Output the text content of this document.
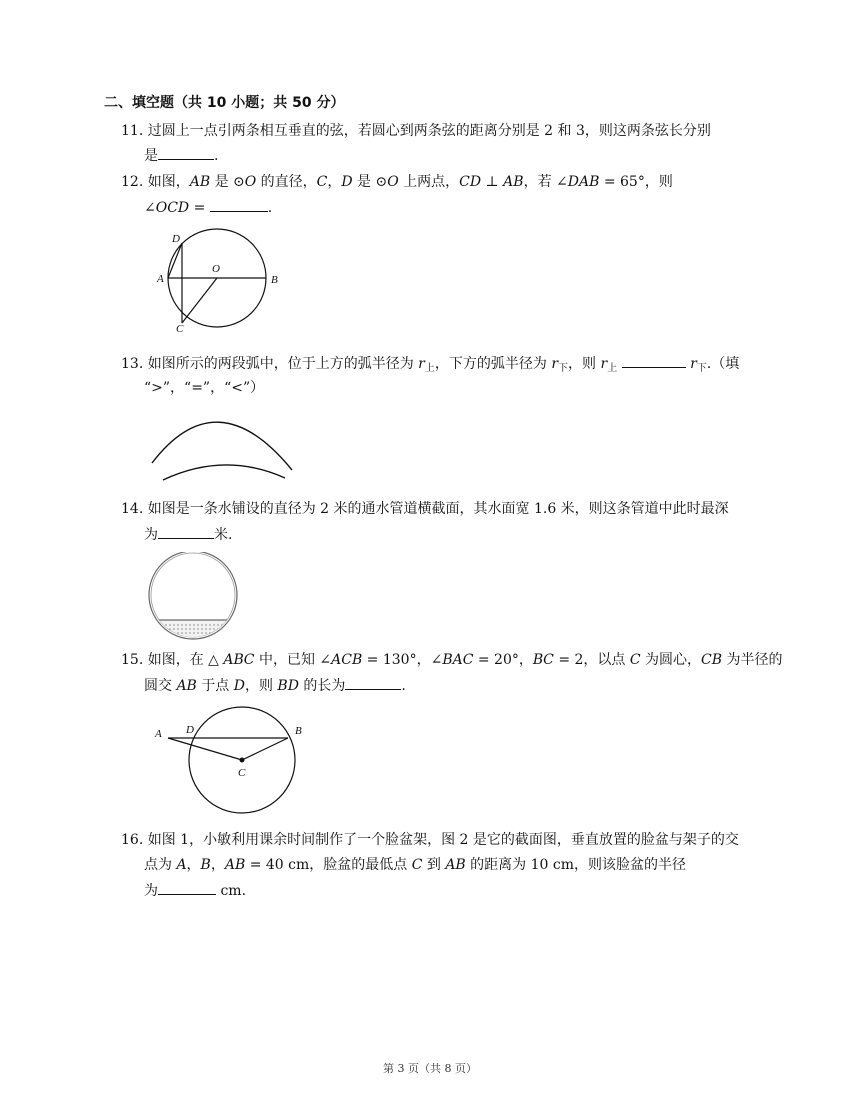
二、填空题（共 10 小题；共 50 分）
11. 过圆上一点引两条相互垂直的弦，若圆心到两条弦的距离分别是 2 和 3，则这两条弦长分别
是	.
12. 如图，𝐴𝐵 是 ⊙𝑂 的直径，𝐶，𝐷 是 ⊙𝑂 上两点，𝐶𝐷 ⊥ 𝐴𝐵，若 ∠𝐷𝐴𝐵 = 65°，则
∠𝑂𝐶𝐷 =	.
D
A
O
B
C
13. 如图所示的两段弧中，位于上方的弧半径为 𝑟$_上$，下方的弧半径为 𝑟$_下$，则 𝑟$_上$	𝑟$_下$.（填
“>”，“=”，“<”）
14. 如图是一条水铺设的直径为 2 米的通水管道横截面，其水面宽 1.6 米，则这条管道中此时最深
为	米.
15. 如图，在 △ 𝐴𝐵𝐶 中，已知 ∠𝐴𝐶𝐵 = 130°，∠𝐵𝐴𝐶 = 20°，𝐵𝐶 = 2，以点 𝐶 为圆心，𝐶𝐵 为半径的
圆交 𝐴𝐵 于点 𝐷，则 𝐵𝐷 的长为	.
A D	B
C
16. 如图 1，小敏利用课余时间制作了一个脸盆架，图 2 是它的截面图，垂直放置的脸盆与架子的交
点为 𝐴，𝐵，𝐴𝐵 = 40 cm，脸盆的最低点 𝐶 到 𝐴𝐵 的距离为 10 cm，则该脸盆的半径
为	cm.
第 3 页（共 8 页）
